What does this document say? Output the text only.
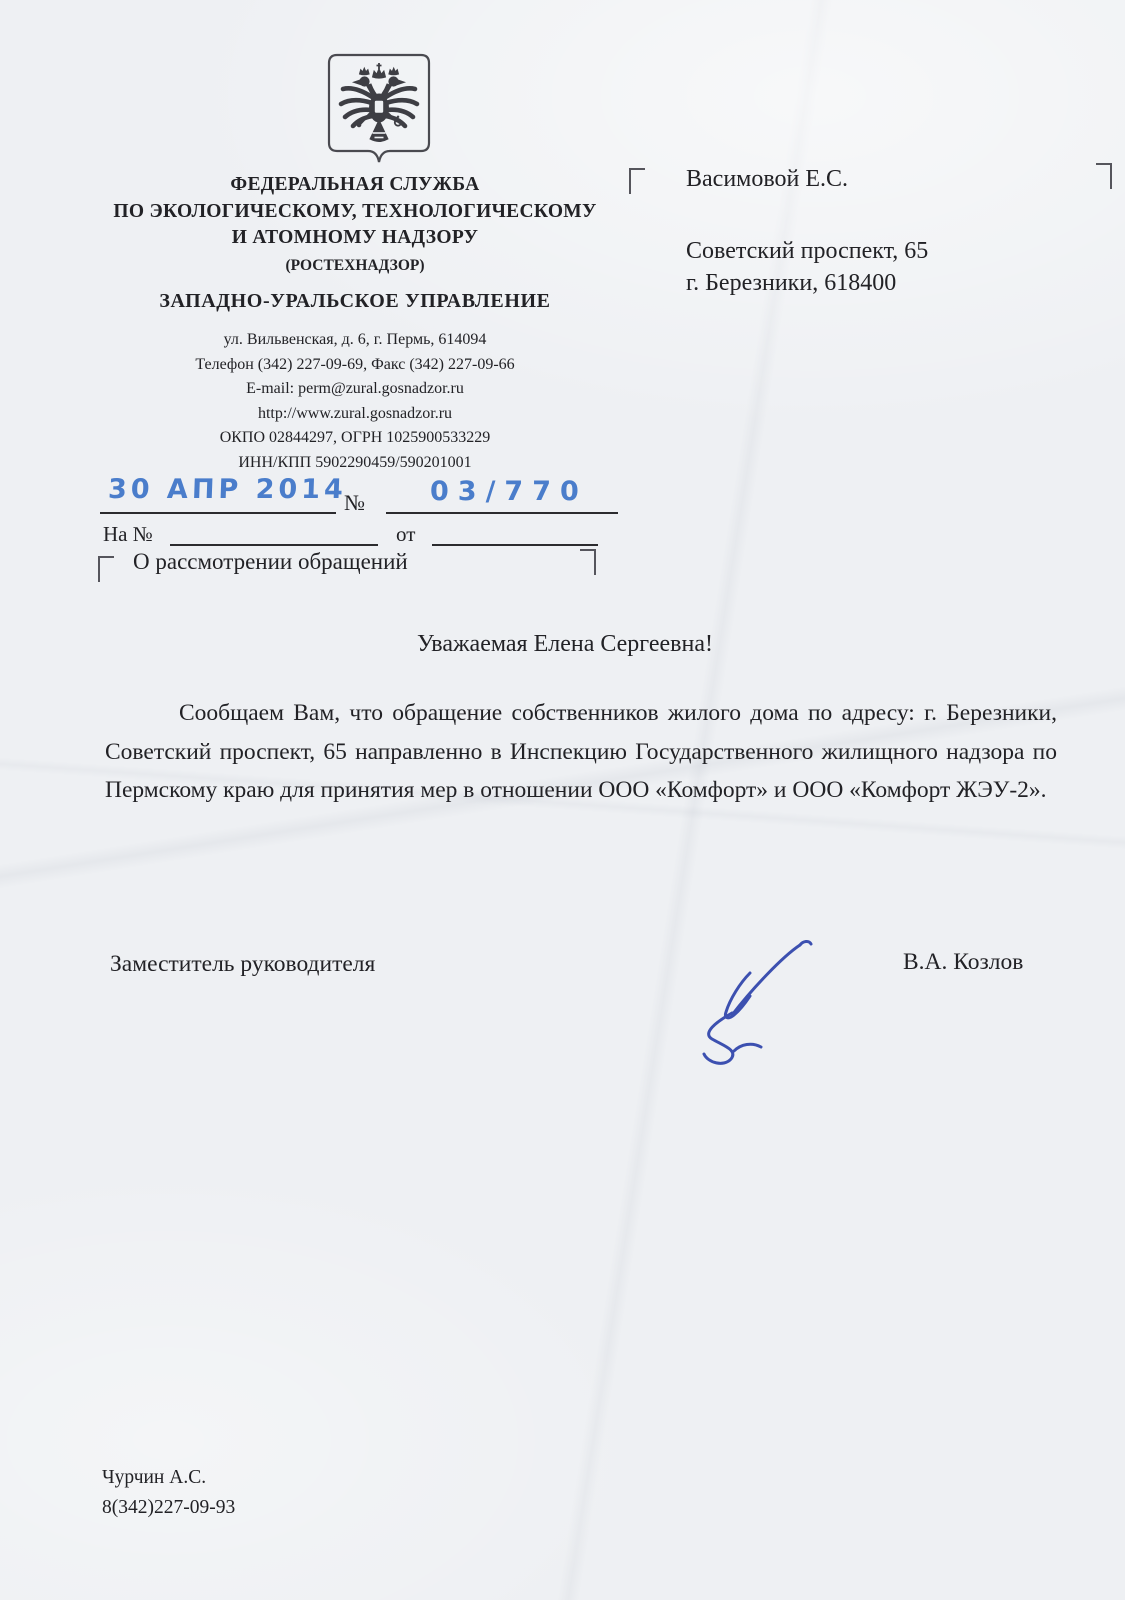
ФЕДЕРАЛЬНАЯ СЛУЖБА
ПО ЭКОЛОГИЧЕСКОМУ, ТЕХНОЛОГИЧЕСКОМУ
И АТОМНОМУ НАДЗОРУ
(РОСТЕХНАДЗОР)
ЗАПАДНО-УРАЛЬСКОЕ УПРАВЛЕНИЕ
ул. Вильвенская, д. 6, г. Пермь, 614094
Телефон (342) 227-09-69, Факс (342) 227-09-66
E-mail: perm@zural.gosnadzor.ru
http://www.zural.gosnadzor.ru
ОКПО 02844297, ОГРН 1025900533229
ИНН/КПП 5902290459/590201001
30 АПР 2014
№ 03/770
На №	от
О рассмотрении обращений
Васимовой Е.С.
Советский проспект, 65
г. Березники, 618400
Уважаемая Елена Сергеевна!
Сообщаем Вам, что обращение собственников жилого дома по адресу: г. Березники, Советский проспект, 65 направленно в Инспекцию Государственного жилищного надзора по Пермскому краю для принятия мер в отношении ООО «Комфорт» и ООО «Комфорт ЖЭУ-2».
Заместитель руководителя	В.А. Козлов
Чурчин А.С.
8(342)227-09-93
